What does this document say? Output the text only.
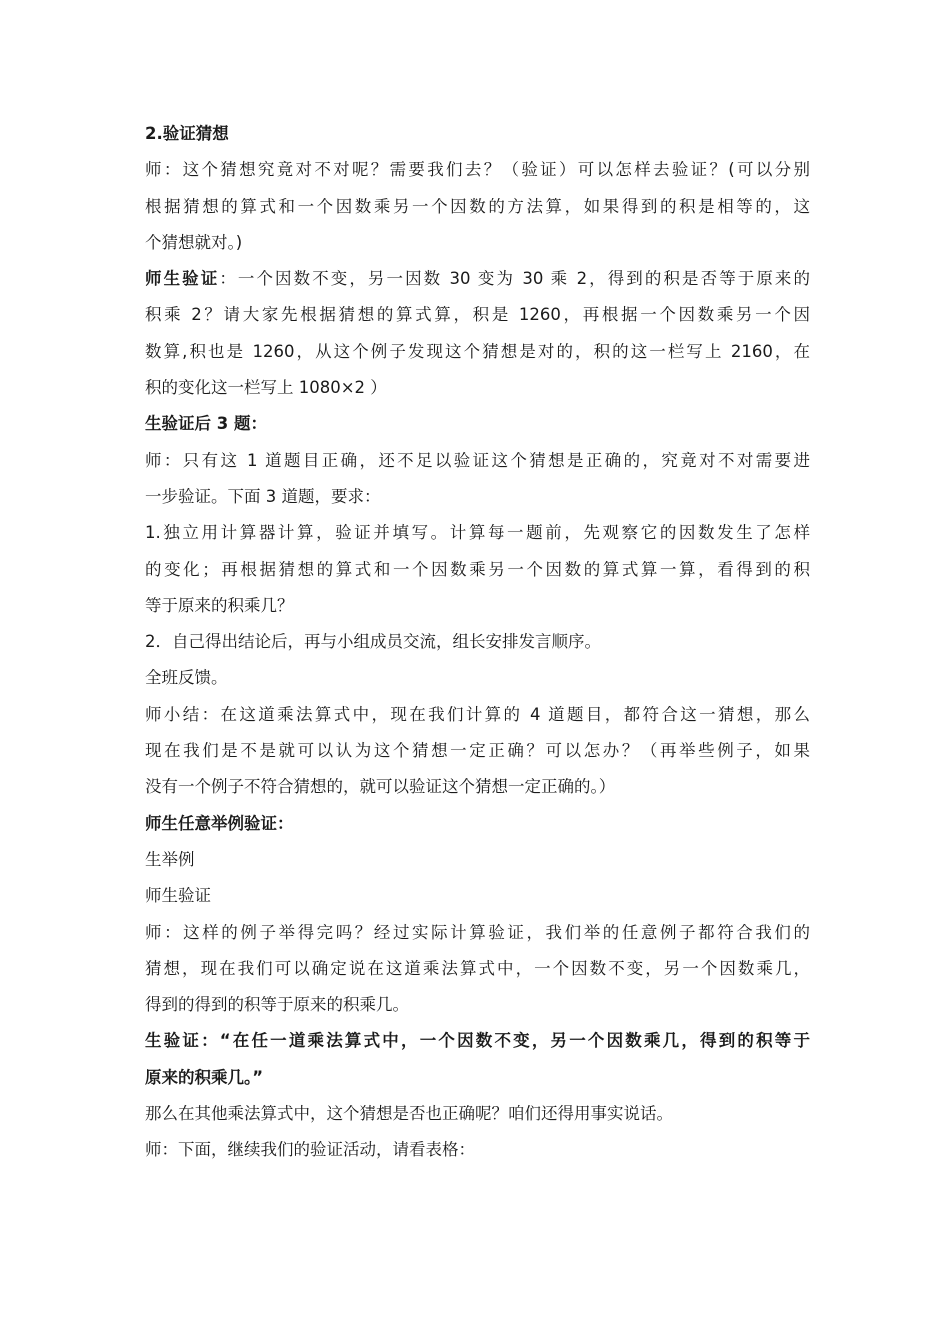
2.验证猜想
师：这个猜想究竟对不对呢？需要我们去？（验证）可以怎样去验证？(可以分别
根据猜想的算式和一个因数乘另一个因数的方法算，如果得到的积是相等的，这
个猜想就对。)
师生验证：一个因数不变，另一因数 30 变为 30 乘 2，得到的积是否等于原来的
积乘 2？请大家先根据猜想的算式算，积是 1260，再根据一个因数乘另一个因
数算,积也是 1260，从这个例子发现这个猜想是对的，积的这一栏写上 2160，在
积的变化这一栏写上 1080×2 ）
生验证后 3 题：
师：只有这 1 道题目正确，还不足以验证这个猜想是正确的，究竟对不对需要进
一步验证。下面 3 道题，要求：
1.独立用计算器计算，验证并填写。计算每一题前，先观察它的因数发生了怎样
的变化；再根据猜想的算式和一个因数乘另一个因数的算式算一算，看得到的积
等于原来的积乘几？
2．自己得出结论后，再与小组成员交流，组长安排发言顺序。
全班反馈。
师小结：在这道乘法算式中，现在我们计算的 4 道题目，都符合这一猜想，那么
现在我们是不是就可以认为这个猜想一定正确？可以怎办？（再举些例子，如果
没有一个例子不符合猜想的，就可以验证这个猜想一定正确的。）
师生任意举例验证：
生举例
师生验证
师：这样的例子举得完吗？经过实际计算验证，我们举的任意例子都符合我们的
猜想，现在我们可以确定说在这道乘法算式中，一个因数不变，另一个因数乘几，
得到的得到的积等于原来的积乘几。
生验证：“在任一道乘法算式中，一个因数不变，另一个因数乘几，得到的积等于
原来的积乘几。”
那么在其他乘法算式中，这个猜想是否也正确呢？咱们还得用事实说话。
师：下面，继续我们的验证活动，请看表格：
